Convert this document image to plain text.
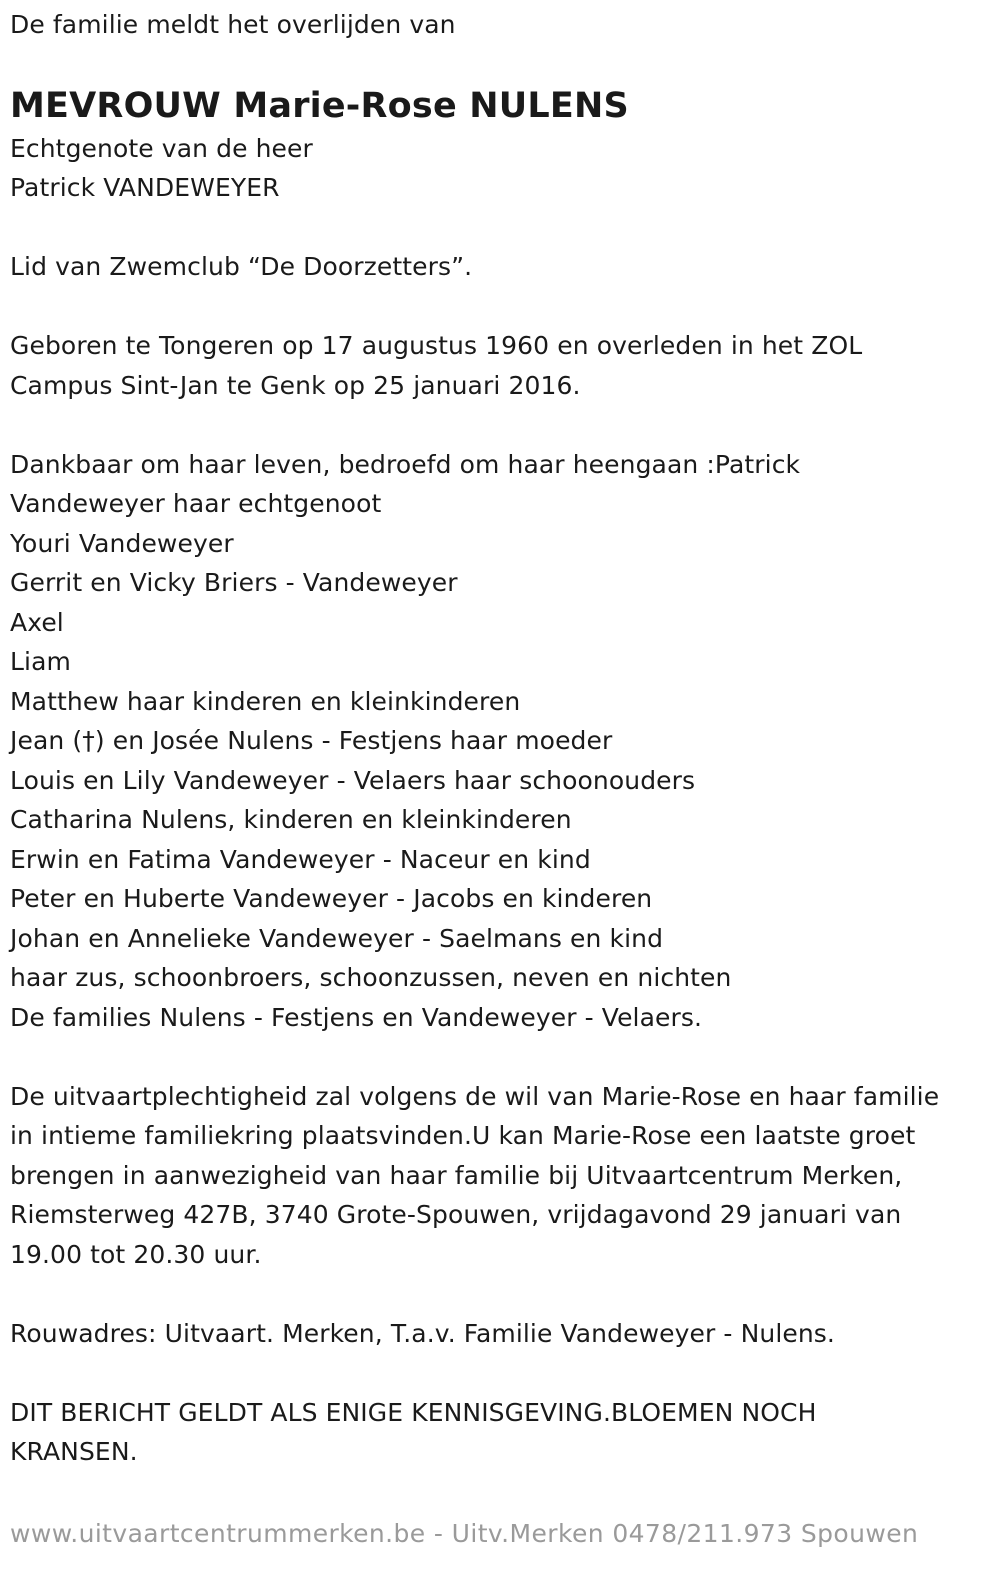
De familie meldt het overlijden van
MEVROUW Marie-Rose NULENS
Echtgenote van de heer
Patrick VANDEWEYER
Lid van Zwemclub “De Doorzetters”.
Geboren te Tongeren op 17 augustus 1960 en overleden in het ZOL
Campus Sint-Jan te Genk op 25 januari 2016.
Dankbaar om haar leven, bedroefd om haar heengaan :Patrick
Vandeweyer haar echtgenoot
Youri Vandeweyer
Gerrit en Vicky Briers - Vandeweyer
Axel
Liam
Matthew haar kinderen en kleinkinderen
Jean (†) en Josée Nulens - Festjens haar moeder
Louis en Lily Vandeweyer - Velaers haar schoonouders
Catharina Nulens, kinderen en kleinkinderen
Erwin en Fatima Vandeweyer - Naceur en kind
Peter en Huberte Vandeweyer - Jacobs en kinderen
Johan en Annelieke Vandeweyer - Saelmans en kind
haar zus, schoonbroers, schoonzussen, neven en nichten
De families Nulens - Festjens en Vandeweyer - Velaers.
De uitvaartplechtigheid zal volgens de wil van Marie-Rose en haar familie
in intieme familiekring plaatsvinden.U kan Marie-Rose een laatste groet
brengen in aanwezigheid van haar familie bij Uitvaartcentrum Merken,
Riemsterweg 427B, 3740 Grote-Spouwen, vrijdagavond 29 januari van
19.00 tot 20.30 uur.
Rouwadres: Uitvaart. Merken, T.a.v. Familie Vandeweyer - Nulens.
DIT BERICHT GELDT ALS ENIGE KENNISGEVING.BLOEMEN NOCH
KRANSEN.
www.uitvaartcentrummerken.be - Uitv.Merken 0478/211.973 Spouwen
